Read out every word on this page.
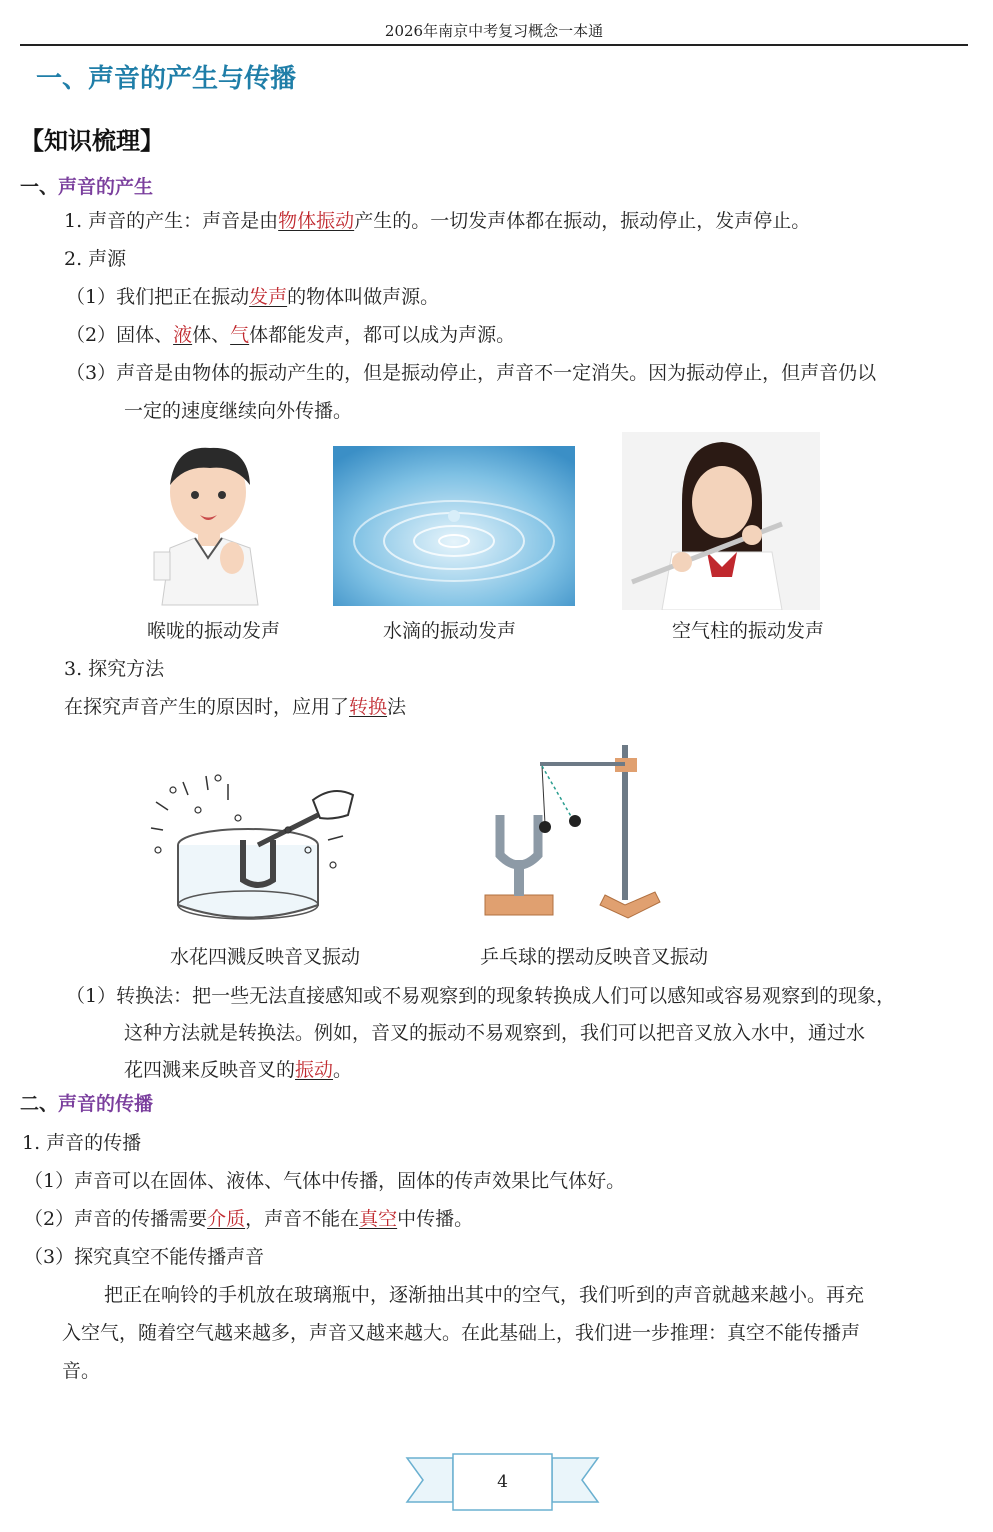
2026年南京中考复习概念一本通
一、声音的产生与传播
【知识梳理】
一、声音的产生
1. 声音的产生：声音是由物体振动产生的。一切发声体都在振动，振动停止，发声停止。
2. 声源
（1）我们把正在振动发声的物体叫做声源。
（2）固体、液体、气体都能发声，都可以成为声源。
（3）声音是由物体的振动产生的，但是振动停止，声音不一定消失。因为振动停止，但声音仍以
一定的速度继续向外传播。
喉咙的振动发声	水滴的振动发声	空气柱的振动发声
3. 探究方法
在探究声音产生的原因时，应用了转换法
水花四溅反映音叉振动	乒乓球的摆动反映音叉振动
（1）转换法：把一些无法直接感知或不易观察到的现象转换成人们可以感知或容易观察到的现象，
这种方法就是转换法。例如，音叉的振动不易观察到，我们可以把音叉放入水中，通过水
花四溅来反映音叉的振动。
二、声音的传播
1. 声音的传播
（1）声音可以在固体、液体、气体中传播，固体的传声效果比气体好。
（2）声音的传播需要介质，声音不能在真空中传播。
（3）探究真空不能传播声音
把正在响铃的手机放在玻璃瓶中，逐渐抽出其中的空气，我们听到的声音就越来越小。再充
入空气，随着空气越来越多，声音又越来越大。在此基础上，我们进一步推理：真空不能传播声
音。
4
